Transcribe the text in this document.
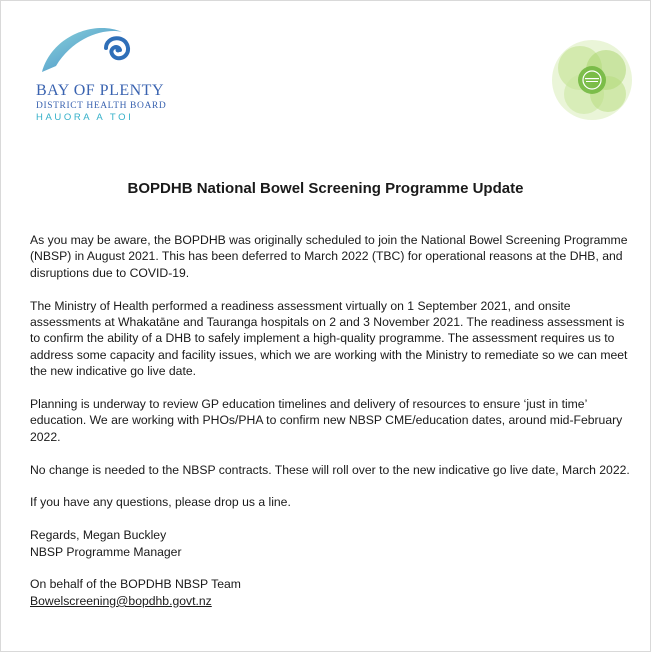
BAY OF PLENTY
DISTRICT HEALTH BOARD
HAUORA A TOI
BOPDHB National Bowel Screening Programme Update

As you may be aware, the BOPDHB was originally scheduled to join the National Bowel Screening Programme (NBSP) in August 2021. This has been deferred to March 2022 (TBC) for operational reasons at the DHB, and disruptions due to COVID-19.

The Ministry of Health performed a readiness assessment virtually on 1 September 2021, and onsite assessments at Whakatāne and Tauranga hospitals on 2 and 3 November 2021. The readiness assessment is to confirm the ability of a DHB to safely implement a high-quality programme. The assessment requires us to address some capacity and facility issues, which we are working with the Ministry to remediate so we can meet the new indicative go live date.

Planning is underway to review GP education timelines and delivery of resources to ensure ‘just in time’ education. We are working with PHOs/PHA to confirm new NBSP CME/education dates, around mid-February 2022.

No change is needed to the NBSP contracts. These will roll over to the new indicative go live date, March 2022.

If you have any questions, please drop us a line.

Regards, Megan Buckley

NBSP Programme Manager

On behalf of the BOPDHB NBSP Team

Bowelscreening@bopdhb.govt.nz
